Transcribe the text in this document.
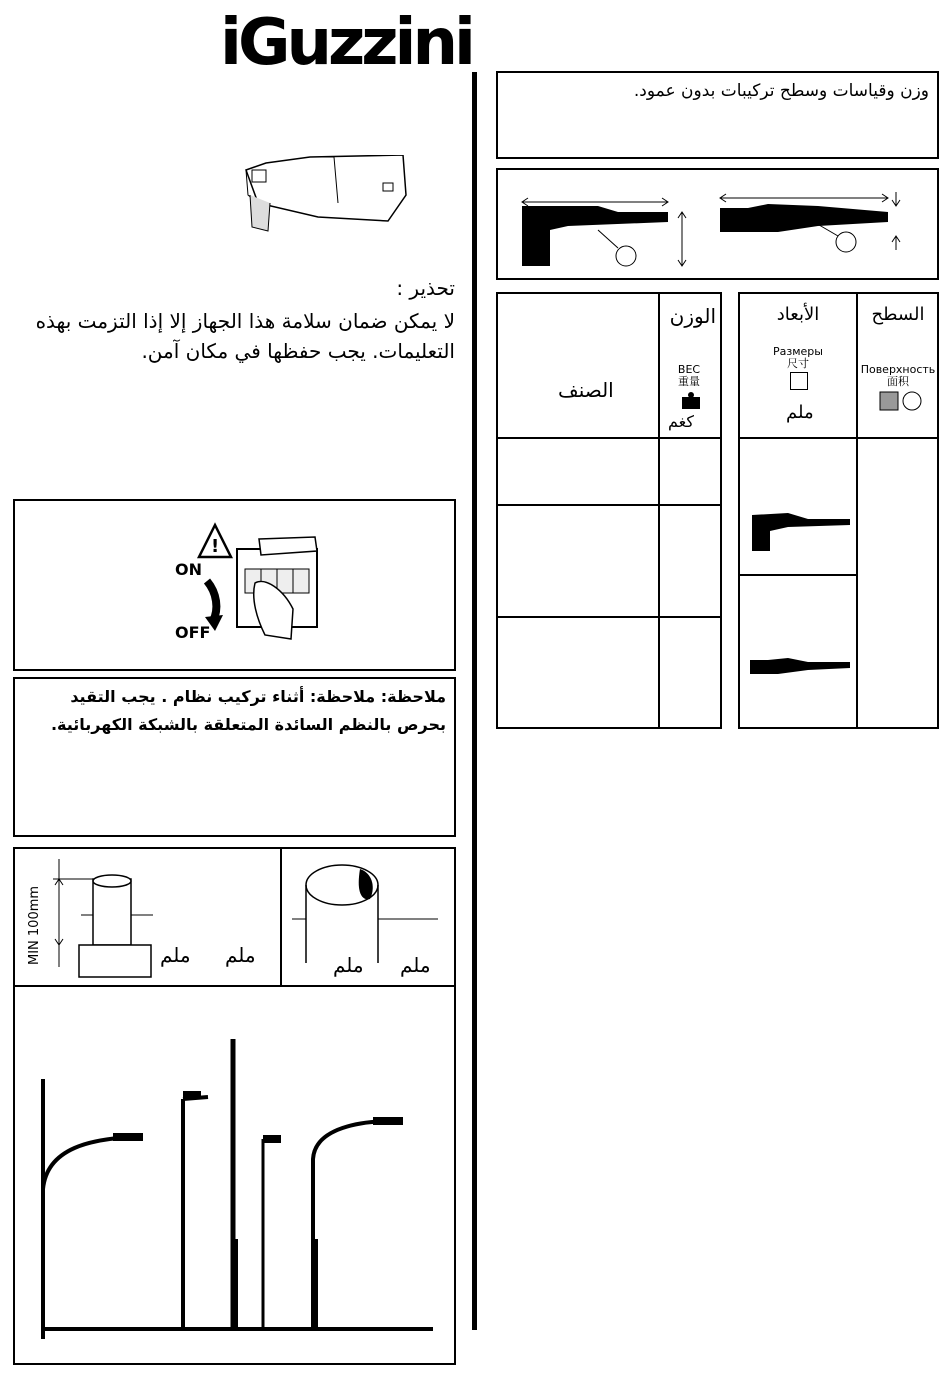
iGuzzini
تحذير :
لا يمكن ضمان سلامة هذا الجهاز إلا إذا التزمت بهذه
التعليمات. يجب حفظها في مكان آمن.
!
ON
OFF
ملاحظة: ملاحظة: أثناء تركيب نظام . يجب التقيد
بحرص بالنظم السائدة المتعلقة بالشبكة الكهربائية.
MIN 100mm	ملم ملم	ملم ملم
وزن وقياسات وسطح تركيبات بدون عمود.
الصنف
الوزن
BEC
重量
كغم
الأبعاد
Размеры
尺寸
ملم
السطح
Поверхность
面积
